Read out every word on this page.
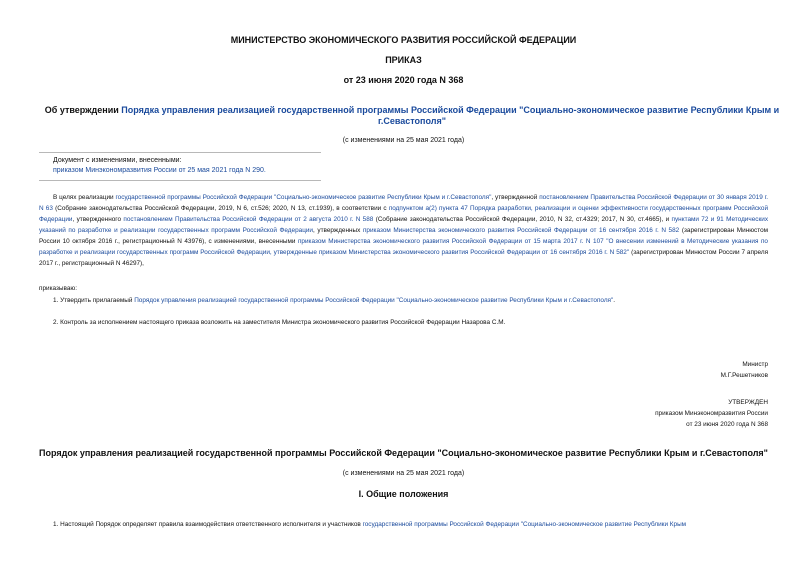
МИНИСТЕРСТВО ЭКОНОМИЧЕСКОГО РАЗВИТИЯ РОССИЙСКОЙ ФЕДЕРАЦИИ
ПРИКАЗ
от 23 июня 2020 года N 368
Об утверждении Порядка управления реализацией государственной программы Российской Федерации "Социально-экономическое развитие Республики Крым и
г.Севастополя"
(с изменениями на 25 мая 2021 года)
Документ с изменениями, внесенными:
приказом Минэкономразвития России от 25 мая 2021 года N 290.
В целях реализации государственной программы Российской Федерации "Социально-экономическое развитие Республики Крым и г.Севастополя", утвержденной постановлением Правительства Российской Федерации от 30 января 2019 г. N 63 (Собрание законодательства Российской Федерации, 2019, N 6, ст.526; 2020, N 13, ст.1939), в соответствии с подпунктом а(2) пункта 47 Порядка разработки, реализации и оценки эффективности государственных программ Российской Федерации, утвержденного постановлением Правительства Российской Федерации от 2 августа 2010 г. N 588 (Собрание законодательства Российской Федерации, 2010, N 32, ст.4329; 2017, N 30, ст.4665), и пунктами 72 и 91 Методических указаний по разработке и реализации государственных программ Российской Федерации, утвержденных приказом Министерства экономического развития Российской Федерации от 16 сентября 2016 г. N 582 (зарегистрирован Минюстом России 10 октября 2016 г., регистрационный N 43976), с изменениями, внесенными приказом Министерства экономического развития Российской Федерации от 15 марта 2017 г. N 107 "О внесении изменений в Методические указания по разработке и реализации государственных программ Российской Федерации, утвержденные приказом Министерства экономического развития Российской Федерации от 16 сентября 2016 г. N 582" (зарегистрирован Минюстом России 7 апреля 2017 г., регистрационный N 46297),
приказываю:
1. Утвердить прилагаемый Порядок управления реализацией государственной программы Российской Федерации "Социально-экономическое развитие Республики Крым и г.Севастополя".
2. Контроль за исполнением настоящего приказа возложить на заместителя Министра экономического развития Российской Федерации Назарова С.М.
Министр
М.Г.Решетников
УТВЕРЖДЕН
приказом Минэкономразвития России
от 23 июня 2020 года N 368
Порядок управления реализацией государственной программы Российской Федерации "Социально-экономическое развитие Республики Крым и г.Севастополя"
(с изменениями на 25 мая 2021 года)
I. Общие положения
1. Настоящий Порядок определяет правила взаимодействия ответственного исполнителя и участников государственной программы Российской Федерации "Социально-экономическое развитие Республики Крым
